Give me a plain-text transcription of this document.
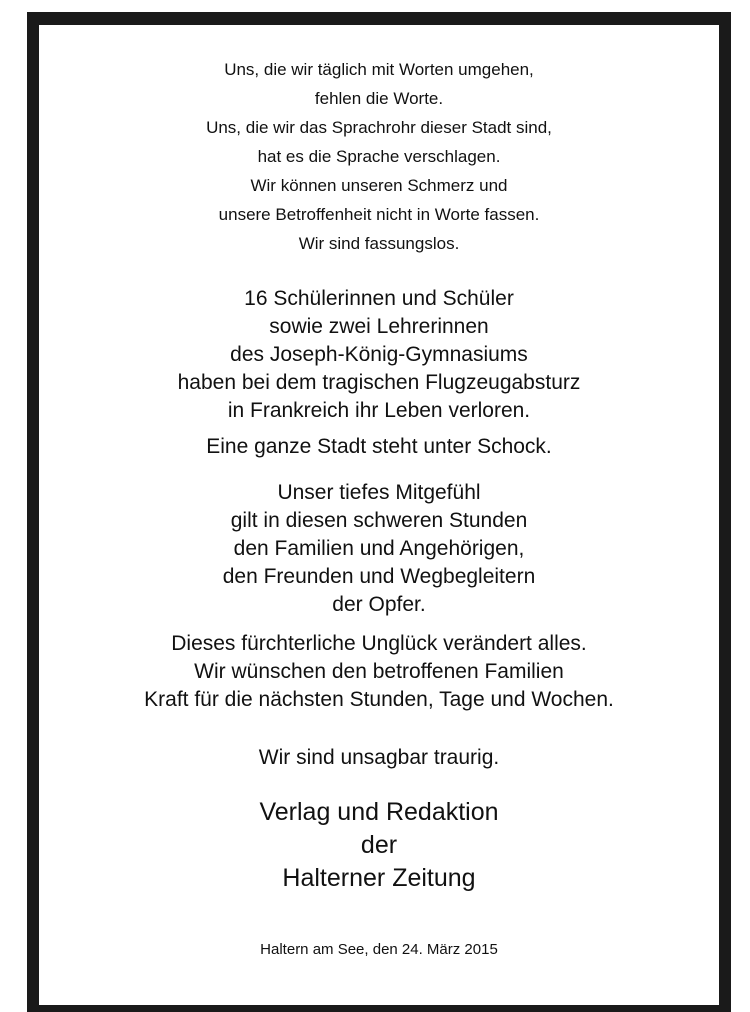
Uns, die wir täglich mit Worten umgehen,
fehlen die Worte.
Uns, die wir das Sprachrohr dieser Stadt sind,
hat es die Sprache verschlagen.
Wir können unseren Schmerz und
unsere Betroffenheit nicht in Worte fassen.
Wir sind fassungslos.
16 Schülerinnen und Schüler
sowie zwei Lehrerinnen
des Joseph-König-Gymnasiums
haben bei dem tragischen Flugzeugabsturz
in Frankreich ihr Leben verloren.
Eine ganze Stadt steht unter Schock.
Unser tiefes Mitgefühl
gilt in diesen schweren Stunden
den Familien und Angehörigen,
den Freunden und Wegbegleitern
der Opfer.
Dieses fürchterliche Unglück verändert alles.
Wir wünschen den betroffenen Familien
Kraft für die nächsten Stunden, Tage und Wochen.
Wir sind unsagbar traurig.
Verlag und Redaktion
der
Halterner Zeitung
Haltern am See, den 24. März 2015
